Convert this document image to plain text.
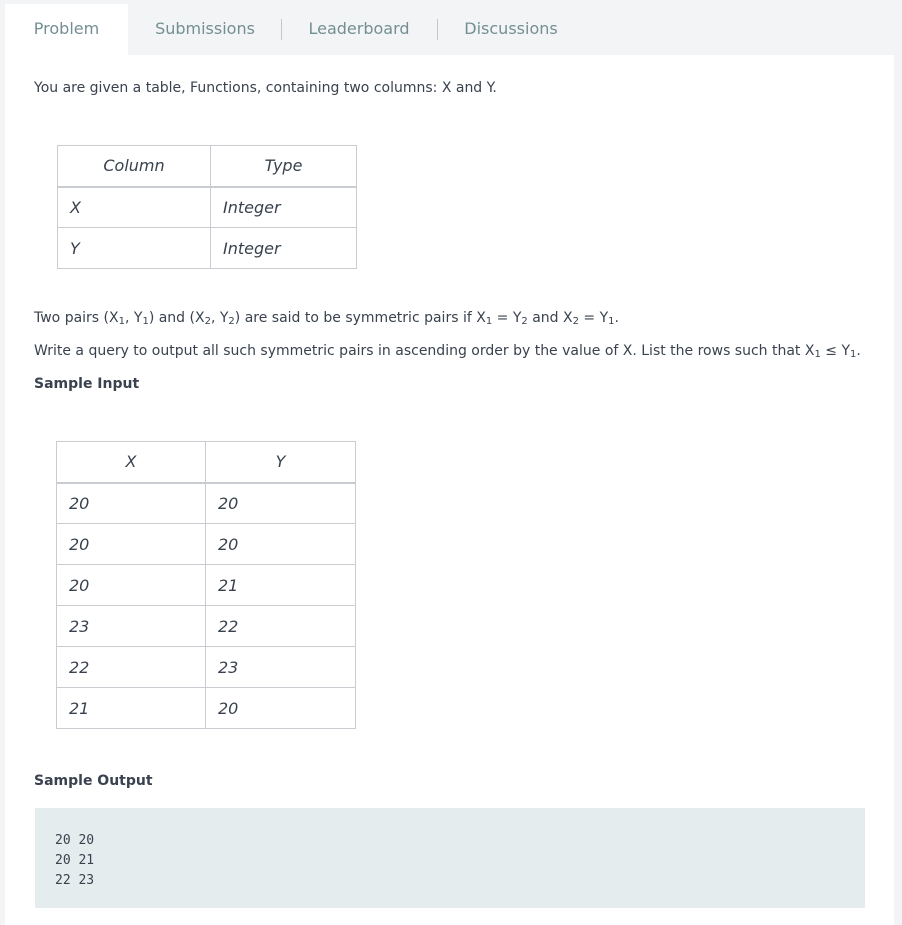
Problem	Submissions	Leaderboard	Discussions

You are given a table, Functions, containing two columns: X and Y.

Column	Type
X	Integer
Y	Integer

Two pairs ($X_1$, $Y_1$) and ($X_2$, $Y_2$) are said to be symmetric pairs if $X_1 = Y_2$ and $X_2 = Y_1$.

Write a query to output all such symmetric pairs in ascending order by the value of X. List the rows such that $X_1 \le Y_1$.

Sample Input
X	Y
20	20
20	20
20	21
23	22
22	23
21	20
Sample Output
20 20
20 21
22 23
